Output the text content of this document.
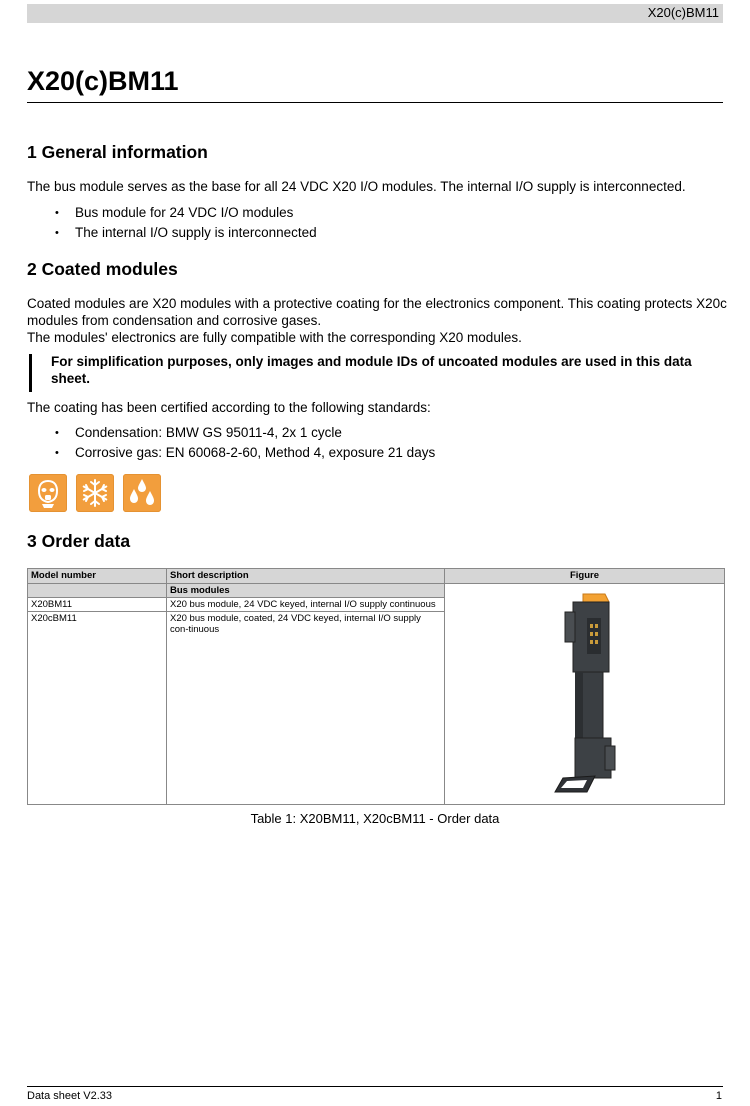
X20(c)BM11
X20(c)BM11
1 General information

The bus module serves as the base for all 24 VDC X20 I/O modules. The internal I/O supply is interconnected.

• Bus module for 24 VDC I/O modules
• The internal I/O supply is interconnected
2 Coated modules

Coated modules are X20 modules with a protective coating for the electronics component. This coating protects X20c modules from condensation and corrosive gases.

The modules' electronics are fully compatible with the corresponding X20 modules.

For simplification purposes, only images and module IDs of uncoated modules are used in this data sheet.

The coating has been certified according to the following standards:

• Condensation: BMW GS 95011-4, 2x 1 cycle
• Corrosive gas: EN 60068-2-60, Method 4, exposure 21 days
3 Order data
Model number	Short description	Figure
	Bus modules	
X20BM11	X20 bus module, 24 VDC keyed, internal I/O supply continuous	
X20cBM11	X20 bus module, coated, 24 VDC keyed, internal I/O supply con-tinuous	
Table 1: X20BM11, X20cBM11 - Order data
Data sheet V2.33	1
